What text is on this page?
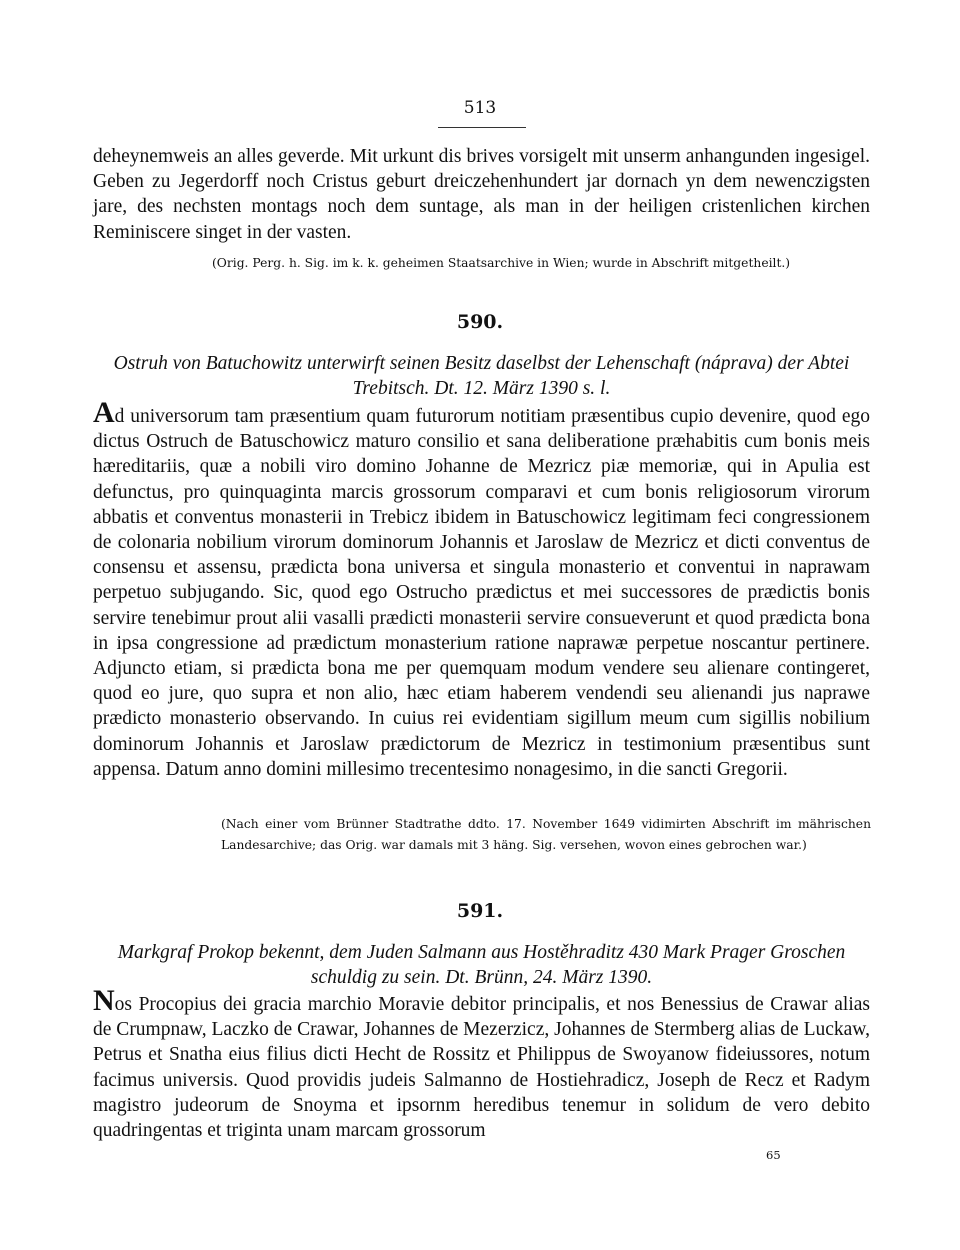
513

deheynemweis an alles geverde. Mit urkunt dis brives vorsigelt mit unserm anhangunden ingesigel. Geben zu Jegerdorff noch Cristus geburt dreiczehenhundert jar dornach yn dem newenczigsten jare, des nechsten montags noch dem suntage, als man in der heiligen cristenlichen kirchen Reminiscere singet in der vasten.

(Orig. Perg. h. Sig. im k. k. geheimen Staatsarchive in Wien; wurde in Abschrift mitgetheilt.)

590.

Ostruh von Batuchowitz unterwirft seinen Besitz daselbst der Lehenschaft (náprava) der Abtei Trebitsch. Dt. 12. März 1390 s. l.

Ad universorum tam præsentium quam futurorum notitiam præsentibus cupio devenire, quod ego dictus Ostruch de Batuschowicz maturo consilio et sana deliberatione præhabitis cum bonis meis hæreditariis, quæ a nobili viro domino Johanne de Mezricz piæ memoriæ, qui in Apulia est defunctus, pro quinquaginta marcis grossorum comparavi et cum bonis religiosorum virorum abbatis et conventus monasterii in Trebicz ibidem in Batuschowicz legitimam feci congressionem de colonaria nobilium virorum dominorum Johannis et Jaroslaw de Mezricz et dicti conventus de consensu et assensu, prædicta bona universa et singula monasterio et conventui in naprawam perpetuo subjugando. Sic, quod ego Ostrucho prædictus et mei successores de prædictis bonis servire tenebimur prout alii vasalli prædicti monasterii servire consueverunt et quod prædicta bona in ipsa congressione ad prædictum monasterium ratione naprawæ perpetue noscantur pertinere. Adjuncto etiam, si prædicta bona me per quemquam modum vendere seu alienare contingeret, quod eo jure, quo supra et non alio, hæc etiam haberem vendendi seu alienandi jus naprawe prædicto monasterio observando. In cuius rei evidentiam sigillum meum cum sigillis nobilium dominorum Johannis et Jaroslaw prædictorum de Mezricz in testimonium præsentibus sunt appensa. Datum anno domini millesimo trecentesimo nonagesimo, in die sancti Gregorii.

(Nach einer vom Brünner Stadtrathe ddto. 17. November 1649 vidimirten Abschrift im mährischen Landesarchive; das Orig. war damals mit 3 häng. Sig. versehen, wovon eines gebrochen war.)

591.

Markgraf Prokop bekennt, dem Juden Salmann aus Hostěhraditz 430 Mark Prager Groschen schuldig zu sein. Dt. Brünn, 24. März 1390.

Nos Procopius dei gracia marchio Moravie debitor principalis, et nos Benessius de Crawar alias de Crumpnaw, Laczko de Crawar, Johannes de Mezerzicz, Johannes de Stermberg alias de Luckaw, Petrus et Snatha eius filius dicti Hecht de Rossitz et Philippus de Swoyanow fideiussores, notum facimus universis. Quod providis judeis Salmanno de Hostiehradicz, Joseph de Recz et Radym magistro judeorum de Snoyma et ipsornm heredibus tenemur in solidum de vero debito quadringentas et triginta unam marcam grossorum

65
